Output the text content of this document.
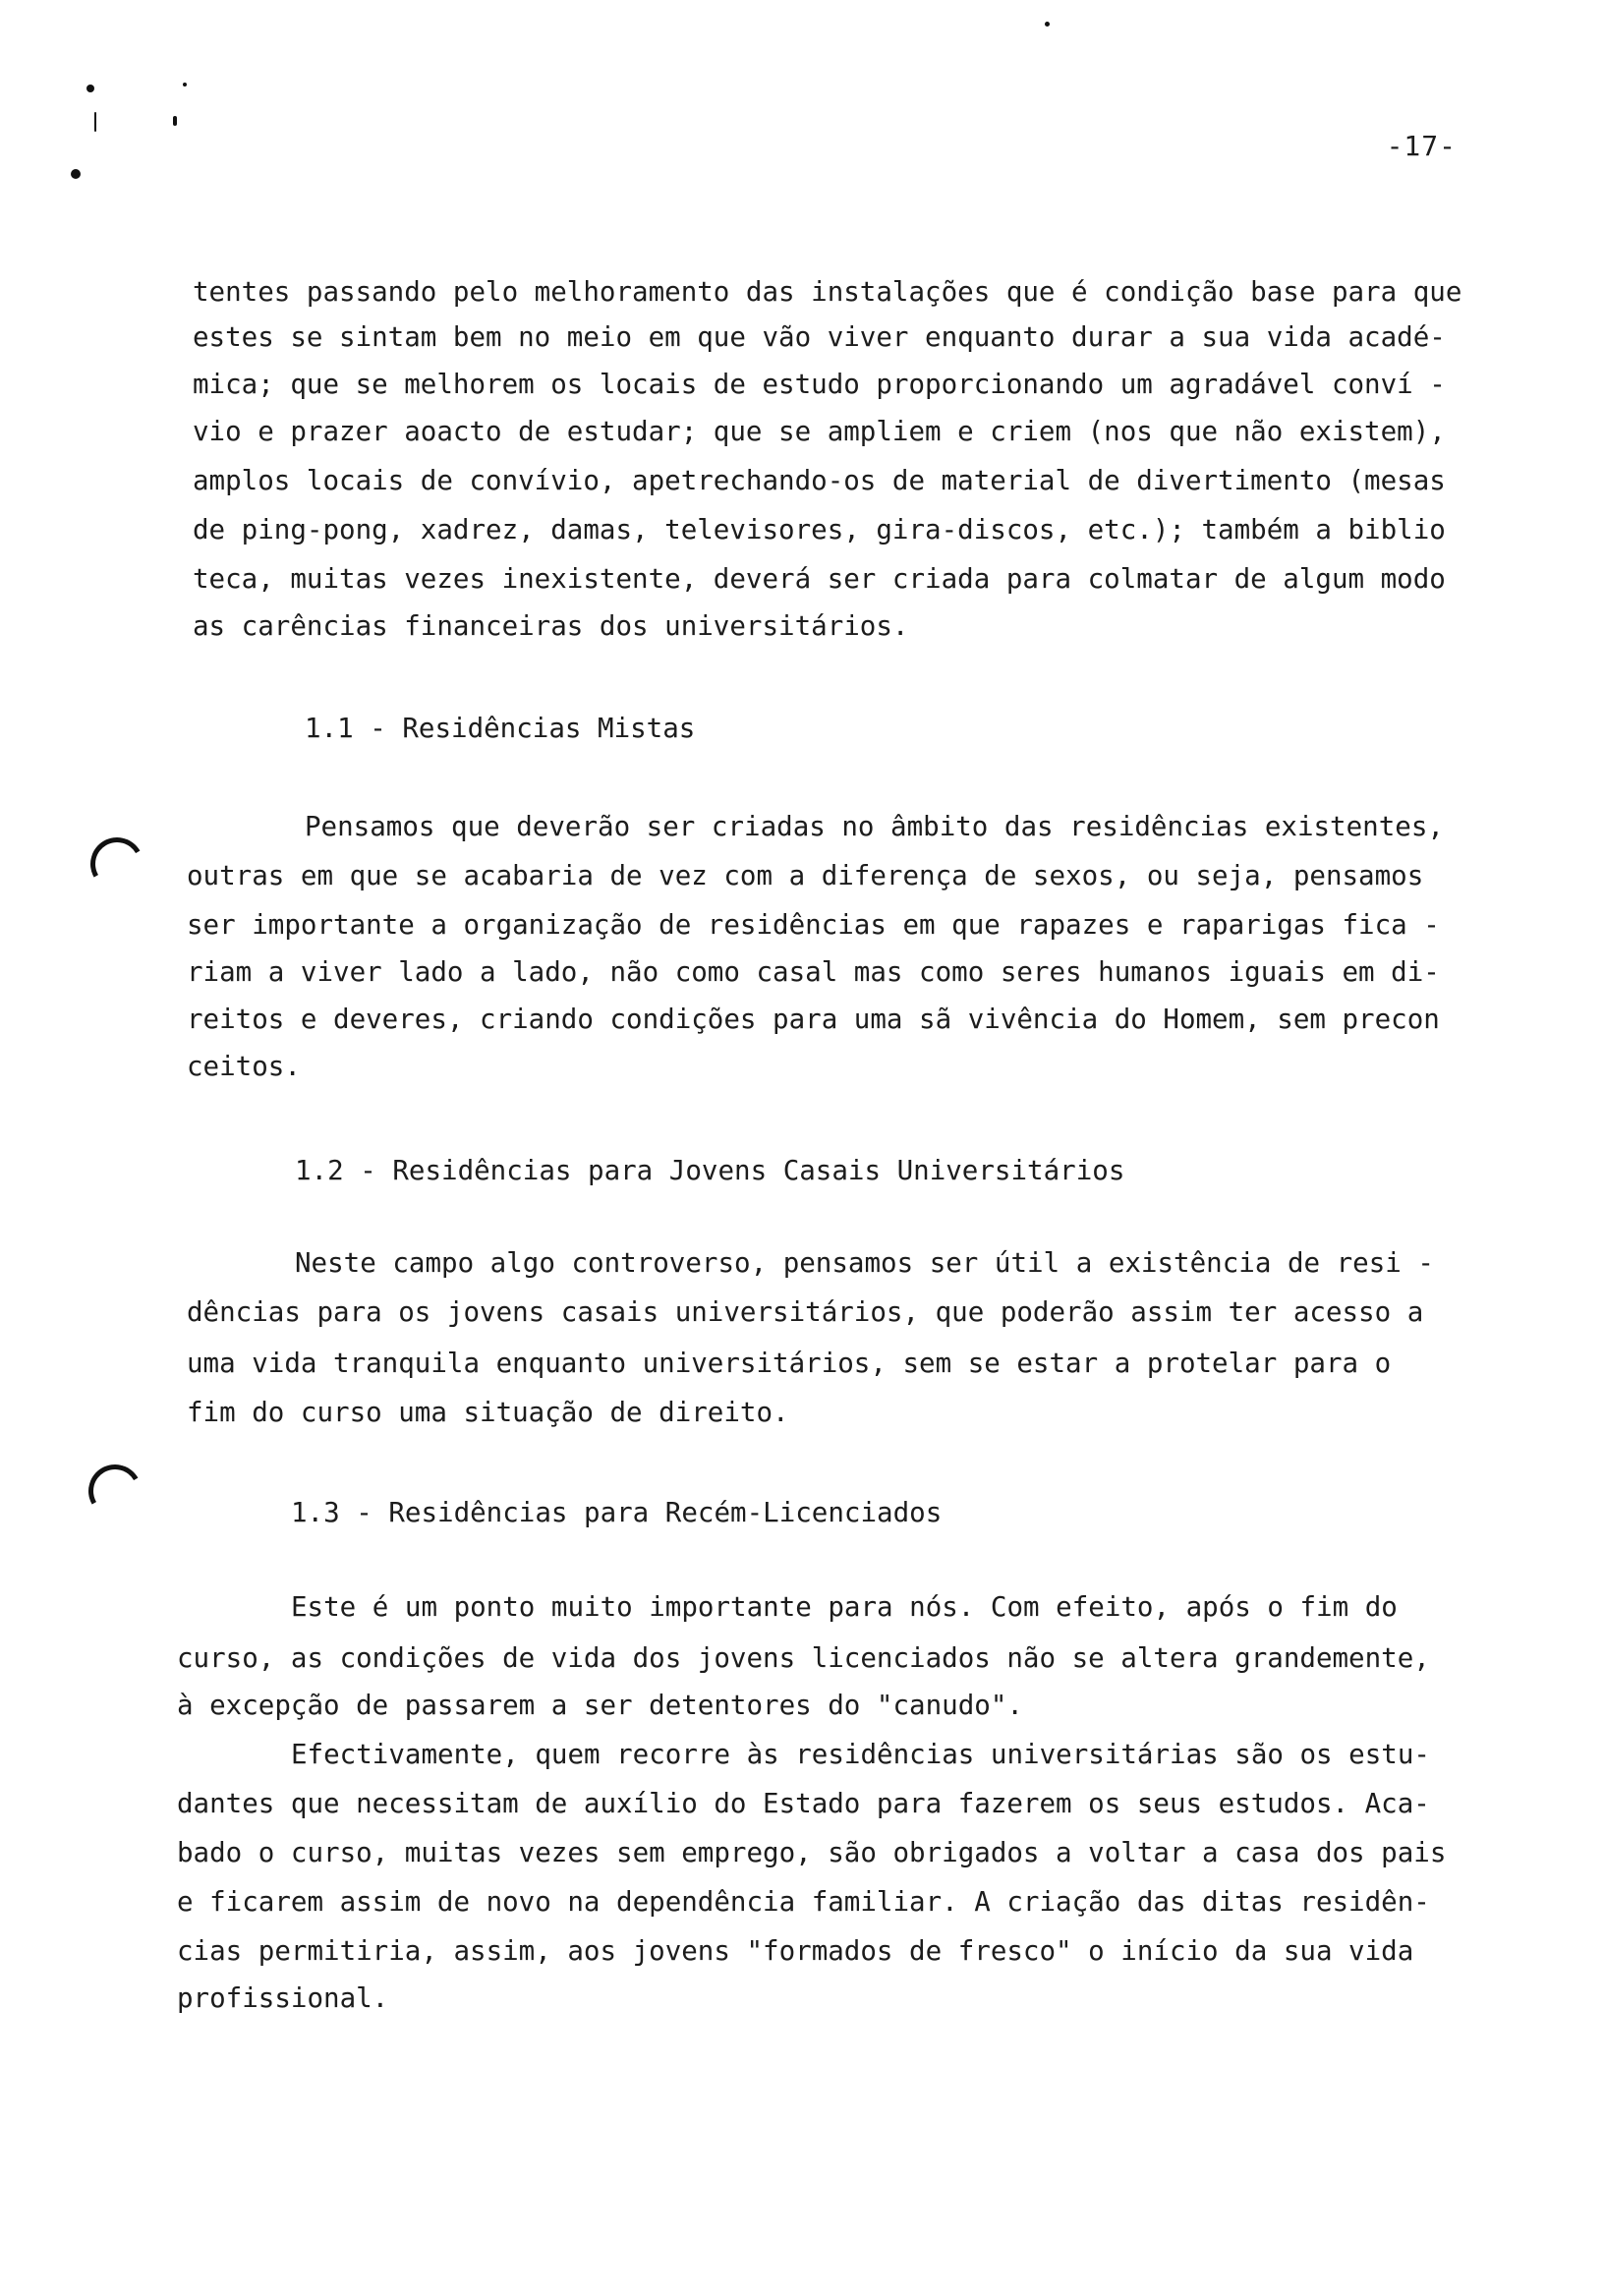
-17-
tentes passando pelo melhoramento das instalações que é condição base para que
estes se sintam bem no meio em que vão viver enquanto durar a sua vida acadé-
mica; que se melhorem os locais de estudo proporcionando um agradável conví -
vio e prazer aoacto de estudar; que se ampliem e criem (nos que não existem),
amplos locais de convívio, apetrechando-os de material de divertimento (mesas
de ping-pong, xadrez, damas, televisores, gira-discos, etc.); também a biblio
teca, muitas vezes inexistente, deverá ser criada para colmatar de algum modo
as carências financeiras dos universitários.
1.1 - Residências Mistas
Pensamos que deverão ser criadas no âmbito das residências existentes,
outras em que se acabaria de vez com a diferença de sexos, ou seja, pensamos
ser importante a organização de residências em que rapazes e raparigas fica -
riam a viver lado a lado, não como casal mas como seres humanos iguais em di-
reitos e deveres, criando condições para uma sã vivência do Homem, sem precon
ceitos.
1.2 - Residências para Jovens Casais Universitários
Neste campo algo controverso, pensamos ser útil a existência de resi -
dências para os jovens casais universitários, que poderão assim ter acesso a
uma vida tranquila enquanto universitários, sem se estar a protelar para o
fim do curso uma situação de direito.
1.3 - Residências para Recém-Licenciados
Este é um ponto muito importante para nós. Com efeito, após o fim do
curso, as condições de vida dos jovens licenciados não se altera grandemente,
à excepção de passarem a ser detentores do "canudo".
Efectivamente, quem recorre às residências universitárias são os estu-
dantes que necessitam de auxílio do Estado para fazerem os seus estudos. Aca-
bado o curso, muitas vezes sem emprego, são obrigados a voltar a casa dos pais
e ficarem assim de novo na dependência familiar. A criação das ditas residên-
cias permitiria, assim, aos jovens "formados de fresco" o início da sua vida
profissional.
